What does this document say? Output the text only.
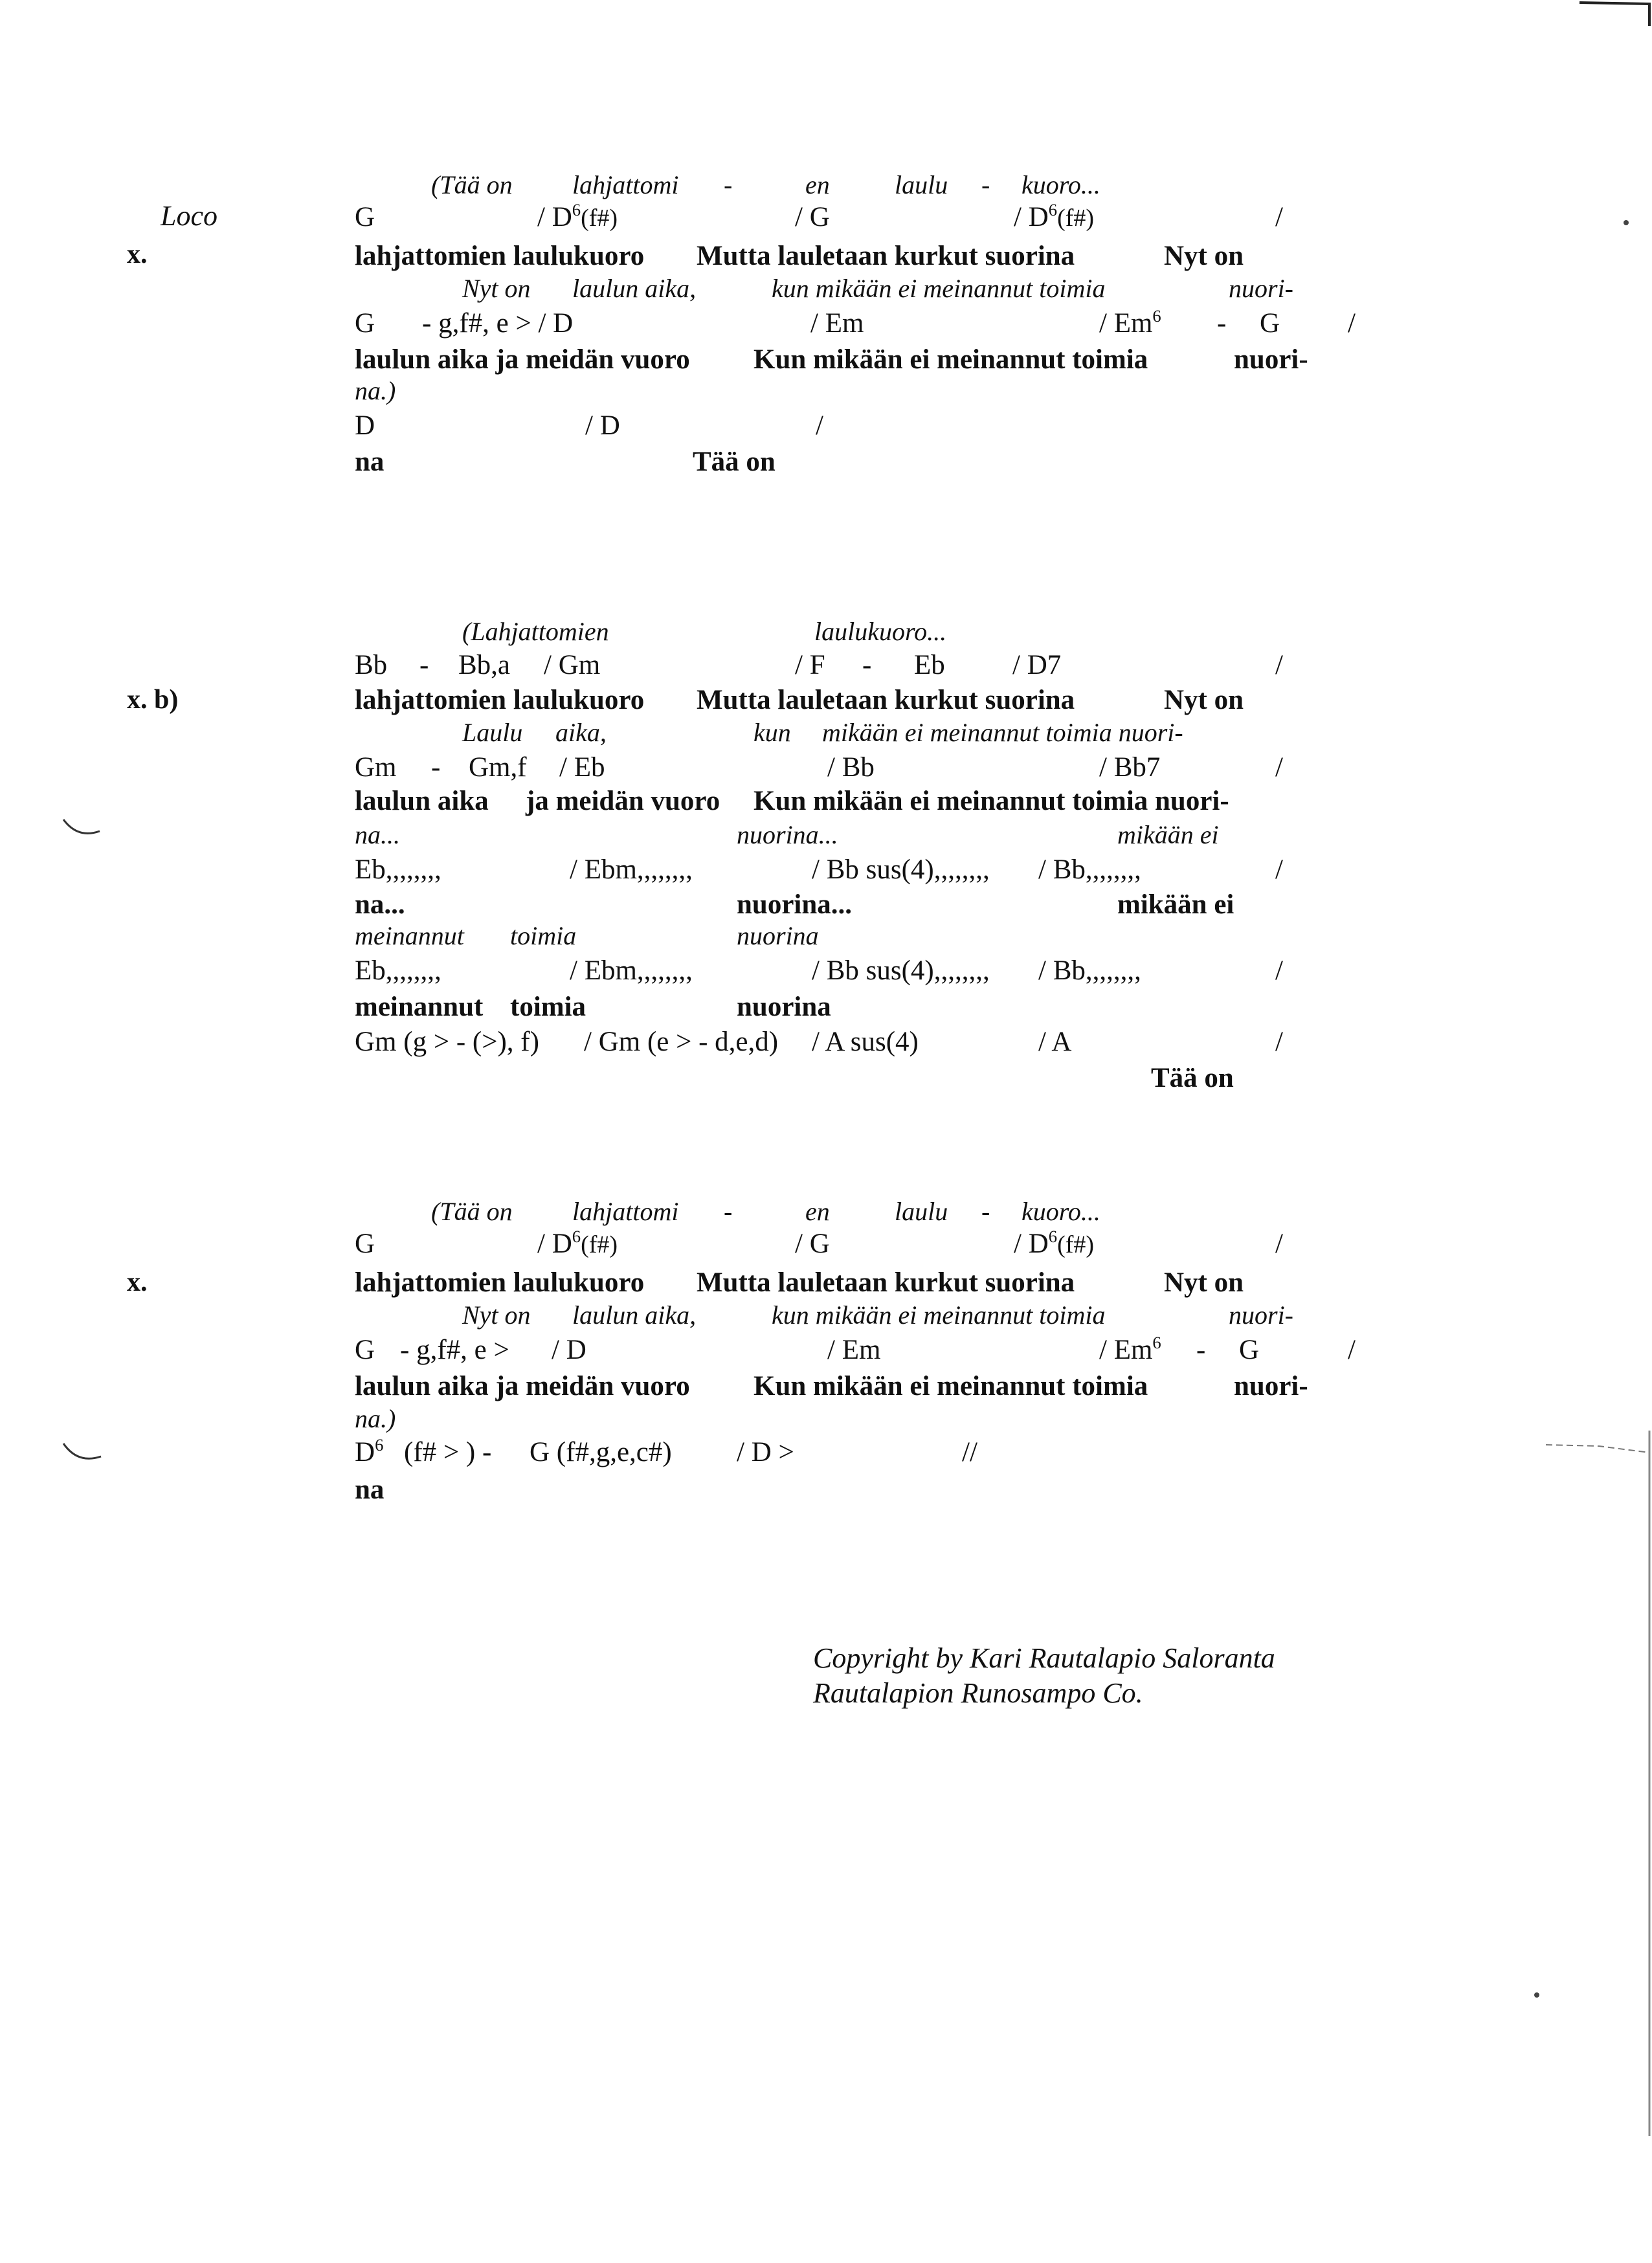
Loco
x.
x. b)
x.
(Tää on lahjattomi -	en	laulu - kuoro...
G	/ $D^6(f\#)$	/ G	/ $D^6(f\#)$	/
lahjattomien laulukuoro Mutta lauletaan kurkut suorina	Nyt on
Nyt on laulun aika,	kun mikään ei meinannut toimia	nuori-
G - g,f#, e > / D	/ Em	/ Em$^6$ - G /
laulun aika ja meidän vuoro Kun mikään ei meinannut toimia	nuori-
na.)
D	/ D	/
na	Tää on
(Lahjattomien	laulukuoro...
Bb - Bb,a / Gm	/ F - Eb / D7	/
lahjattomien laulukuoro Mutta lauletaan kurkut suorina	Nyt on
Laulu aika,	kun mikään ei meinannut toimia nuori-
Gm - Gm,f / Eb	/ Bb	/ Bb7	/
laulun aika ja meidän vuoro Kun mikään ei meinannut toimia nuori-
na...	nuorina...	mikään ei
Eb,,,,,,,,	/ Ebm,,,,,,,,	/ Bb sus(4),,,,,,,, / Bb,,,,,,,,	/
na...	nuorina...	mikään ei
meinannut toimia	nuorina
Eb,,,,,,,,	/ Ebm,,,,,,,,	/ Bb sus(4),,,,,,,, / Bb,,,,,,,,	/
meinannut toimia	nuorina
Gm (g > - (>), f) / Gm (e > - d,e,d) / A sus(4)	/ A	/
Tää on
(Tää on lahjattomi -	en	laulu - kuoro...
G	/ $D^6(f\#)$	/ G	/ $D^6(f\#)$	/
lahjattomien laulukuoro Mutta lauletaan kurkut suorina	Nyt on
Nyt on laulun aika,	kun mikään ei meinannut toimia	nuori-
G - g,f#, e > / D	/ Em	/ Em$^6$ - G	/
laulun aika ja meidän vuoro Kun mikään ei meinannut toimia	nuori-
na.)
$D^6$ (f# > ) - G (f#,g,e,c#) / D >	//
na
Copyright by Kari Rautalapio Saloranta
Rautalapion Runosampo Co.
